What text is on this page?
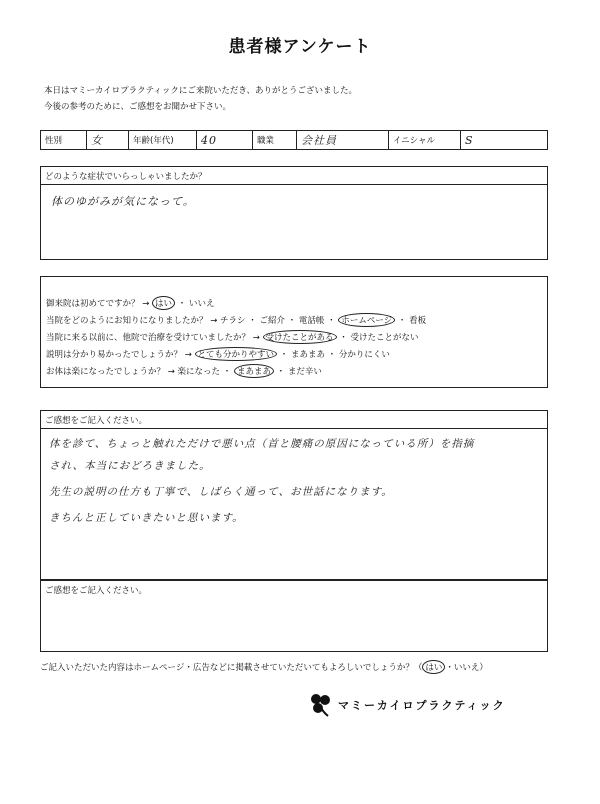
患者様アンケート
本日はマミーカイロプラクティックにご来院いただき、ありがとうございました。
今後の参考のために、ご感想をお聞かせ下さい。
性別	女	年齢(年代)	40	職業	会社員	イニシャル	S
どのような症状でいらっしゃいましたか？
体のゆがみが気になって。
御来院は初めてですか？ → はい ・ いいえ
当院をどのようにお知りになりましたか？ → チラシ ・ ご紹介 ・ 電話帳 ・ ホームページ ・ 看板
当院に来る以前に、他院で治療を受けていましたか？ → 受けたことがある ・ 受けたことがない
説明は分かり易かったでしょうか？ → とても分かりやすい ・ まあまあ ・ 分かりにくい
お体は楽になったでしょうか？ → 楽になった ・ まあまあ ・ まだ辛い
ご感想をご記入ください。
体を診て、ちょっと触れただけで悪い点（首と腰痛の原因になっている所）を指摘
され、本当におどろきました。
先生の説明の仕方も丁寧で、しばらく通って、お世話になります。
きちんと正していきたいと思います。
ご感想をご記入ください。
ご記入いただいた内容はホームページ・広告などに掲載させていただいてもよろしいでしょうか？（ はい ・いいえ）
マミーカイロプラクティック
